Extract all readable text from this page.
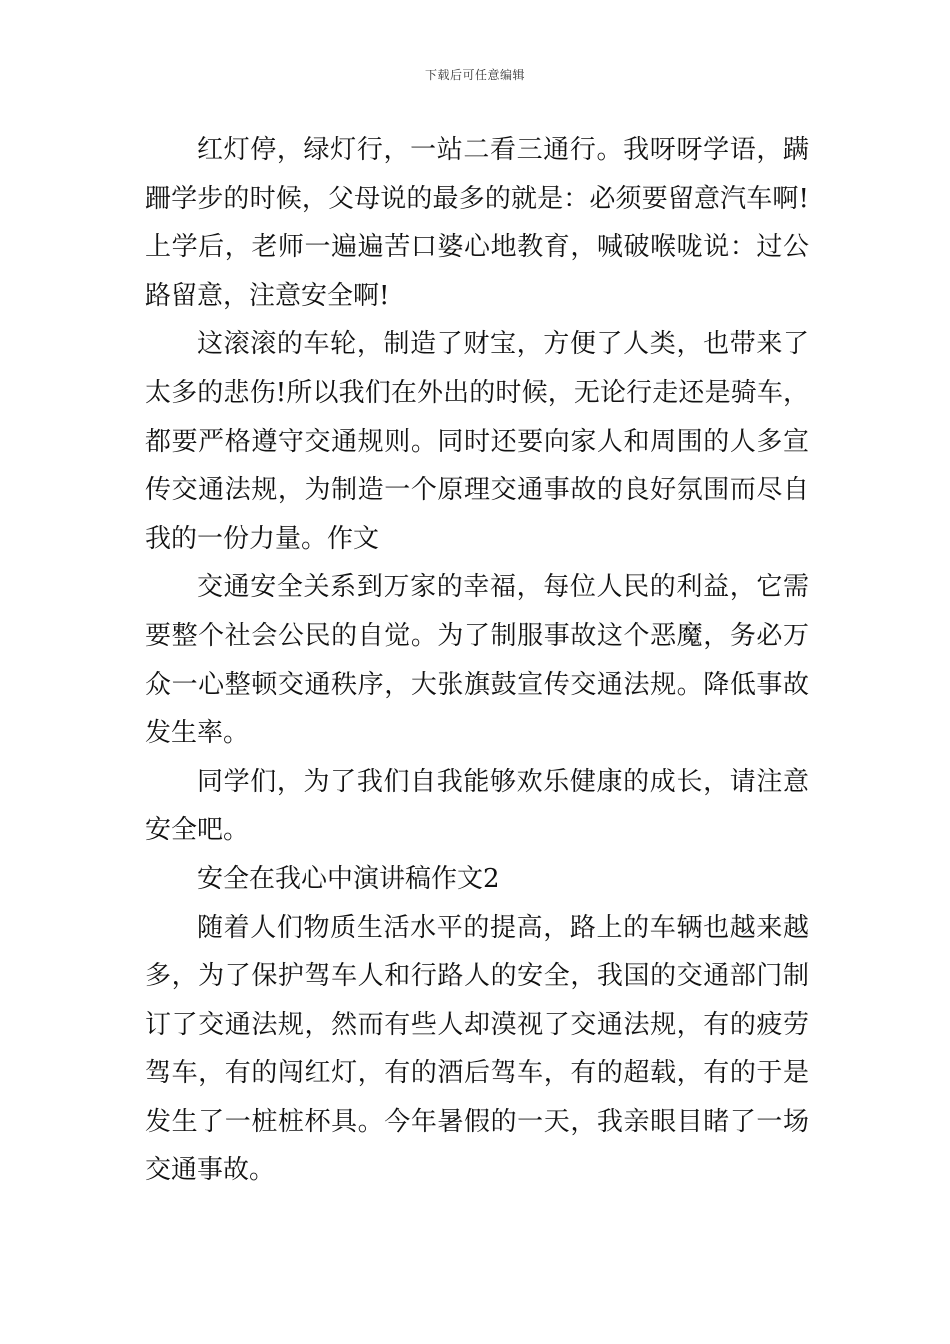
下载后可任意编辑

红灯停，绿灯行，一站二看三通行。我呀呀学语，蹒跚学步的时候，父母说的最多的就是：必须要留意汽车啊!上学后，老师一遍遍苦口婆心地教育，喊破喉咙说：过公路留意，注意安全啊!

这滚滚的车轮，制造了财宝，方便了人类，也带来了太多的悲伤!所以我们在外出的时候，无论行走还是骑车，都要严格遵守交通规则。同时还要向家人和周围的人多宣传交通法规，为制造一个原理交通事故的良好氛围而尽自我的一份力量。作文

交通安全关系到万家的幸福，每位人民的利益，它需要整个社会公民的自觉。为了制服事故这个恶魔，务必万众一心整顿交通秩序，大张旗鼓宣传交通法规。降低事故发生率。

同学们，为了我们自我能够欢乐健康的成长，请注意安全吧。

安全在我心中演讲稿作文2

随着人们物质生活水平的提高，路上的车辆也越来越多，为了保护驾车人和行路人的安全，我国的交通部门制订了交通法规，然而有些人却漠视了交通法规，有的疲劳驾车，有的闯红灯，有的酒后驾车，有的超载，有的于是发生了一桩桩杯具。今年暑假的一天，我亲眼目睹了一场交通事故。
